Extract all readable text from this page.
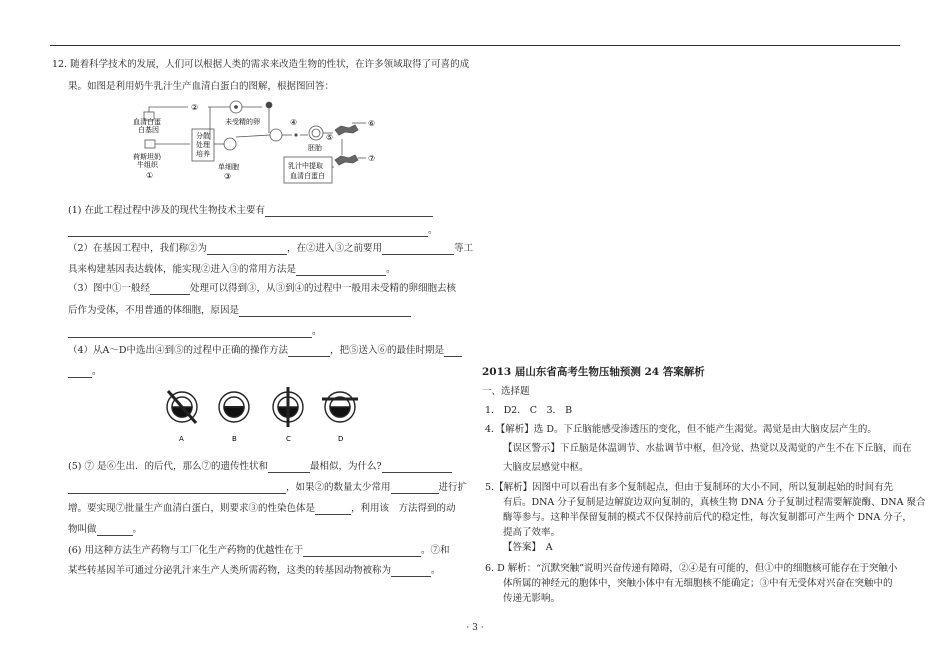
12. 随着科学技术的发展，人们可以根据人类的需求来改造生物的性状，在许多领域取得了可喜的成
果。如图是利用奶牛乳汁生产血清白蛋白的图解，根据图回答：
血清白蛋
白基因
②
未受精的卵
分散
处理
培养
荷斯坦奶
牛组织
①
单细胞
③
④
胚胎
⑤
⑥
⑦
乳汁中提取
血清白蛋白
(1) 在此工程过程中涉及的现代生物技术主要有
。
（2）在基因工程中，我们称②为	，在②进入③之前要用	等工
具来构建基因表达载体，能实现②进入③的常用方法是	。
（3）图中①一般经	处理可以得到③，从③到④的过程中一般用未受精的卵细胞去核
后作为受体，不用普通的体细胞，原因是
。
（4）从A～D中选出④到⑤的过程中正确的操作方法	，把⑤送入⑥的最佳时期是
。
A	B	C	D
(5) ⑦ 是⑥生出．的后代，那么⑦的遗传性状和	最相似，为什么?
，如果②的数量太少常用	进行扩
增。要实现⑦批量生产血清白蛋白，则要求③的性染色体是	，利用该　方法得到的动
物叫做	。
(6) 用这种方法生产药物与工厂化生产药物的优越性在于	。⑦和
某些转基因羊可通过分泌乳汁来生产人类所需药物，这类的转基因动物被称为	。
2013 届山东省高考生物压轴预测 24 答案解析
一、选择题
1． D2． C　3． B
4．【解析】选 D。下丘脑能感受渗透压的变化，但不能产生渴觉。渴觉是由大脑皮层产生的。
【误区警示】下丘脑是体温调节、水盐调节中枢，但冷觉、热觉以及渴觉的产生不在下丘脑，而在
大脑皮层感觉中枢。
5.【解析】因图中可以看出有多个复制起点，但由于复制环的大小不同，所以复制起始的时间有先
有后。DNA 分子复制是边解旋边双向复制的，真核生物 DNA 分子复制过程需要解旋酶、DNA 聚合
酶等参与。这种半保留复制的模式不仅保持前后代的稳定性，每次复制都可产生两个 DNA 分子，
提高了效率。
【答案】　A
6. D 解析：“沉默突触”说明兴奋传递有障碍，②④是有可能的，但①中的细胞核可能存在于突触小
体所属的神经元的胞体中，突触小体中有无细胞核不能确定；③中有无受体对兴奋在突触中的
传递无影响。
· 3 ·
